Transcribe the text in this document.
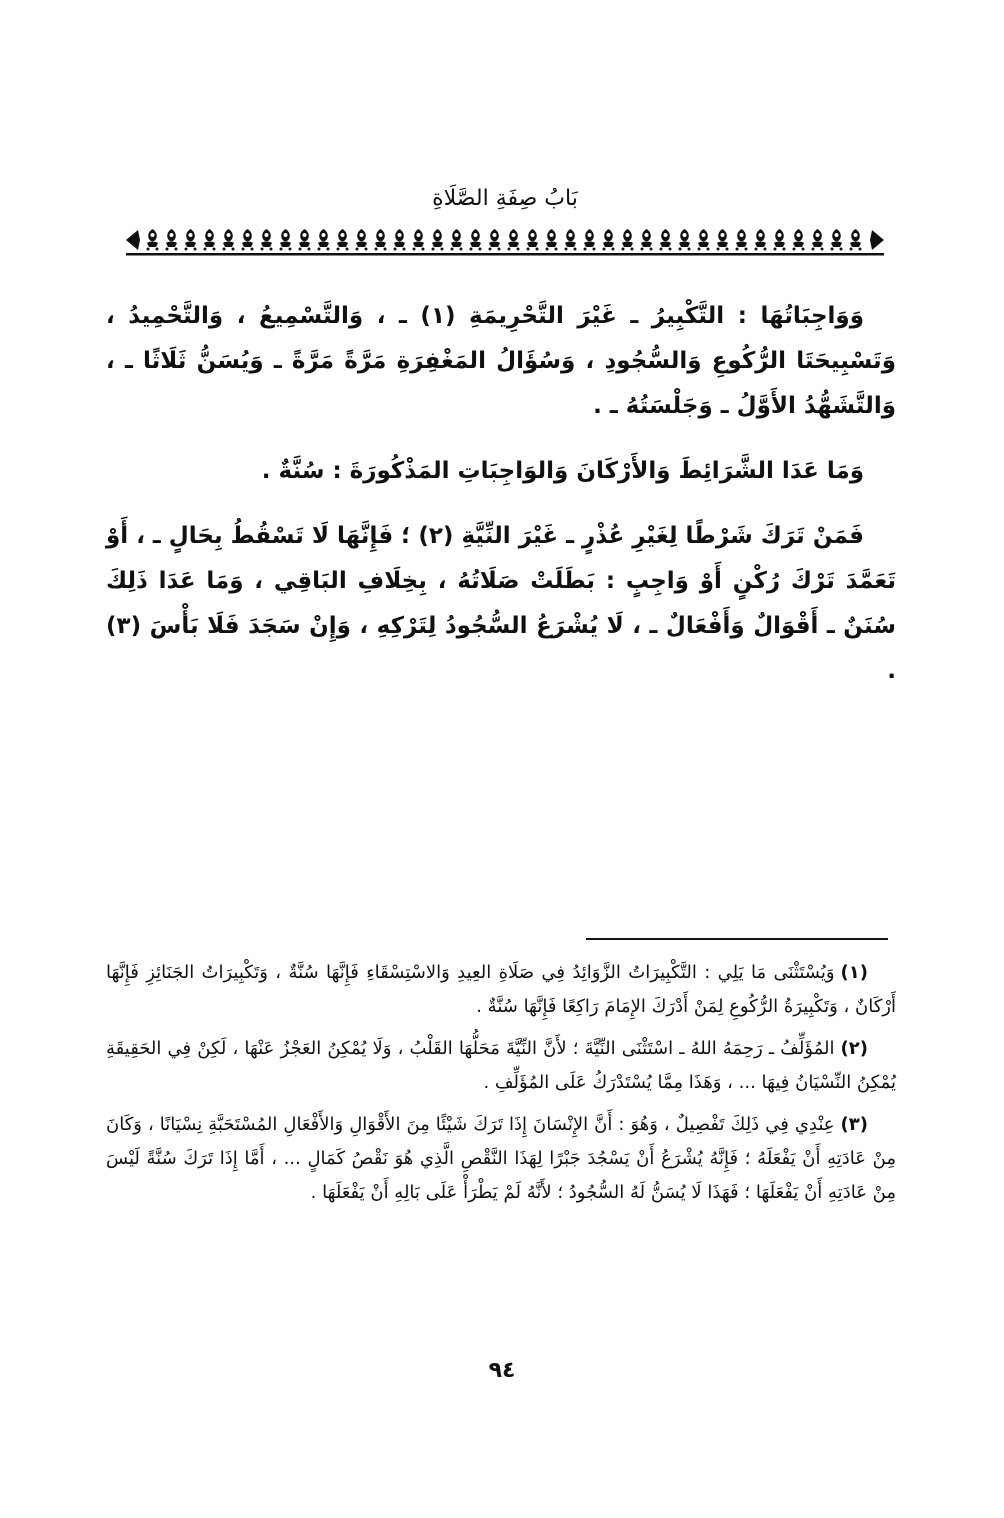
بَابُ صِفَةِ الصَّلَاةِ

وَوَاجِبَاتُهَا : التَّكْبِيرُ ـ غَيْرَ التَّحْرِيمَةِ (١) ـ ، وَالتَّسْمِيعُ ، وَالتَّحْمِيدُ ، وَتَسْبِيحَتَا الرُّكُوعِ وَالسُّجُودِ ، وَسُؤَالُ المَغْفِرَةِ مَرَّةً مَرَّةً ـ وَيُسَنُّ ثَلَاثًا ـ ، وَالتَّشَهُّدُ الأَوَّلُ ـ وَجَلْسَتُهُ ـ .

وَمَا عَدَا الشَّرَائِطَ وَالأَرْكَانَ وَالوَاجِبَاتِ المَذْكُورَةَ : سُنَّةٌ .

فَمَنْ تَرَكَ شَرْطًا لِغَيْرِ عُذْرٍ ـ غَيْرَ النِّيَّةِ (٢) ؛ فَإِنَّهَا لَا تَسْقُطُ بِحَالٍ ـ ، أَوْ تَعَمَّدَ تَرْكَ رُكْنٍ أَوْ وَاجِبٍ : بَطَلَتْ صَلَاتُهُ ، بِخِلَافِ البَاقِي ، وَمَا عَدَا ذَلِكَ سُنَنٌ ـ أَقْوَالٌ وَأَفْعَالٌ ـ ، لَا يُشْرَعُ السُّجُودُ لِتَرْكِهِ ، وَإِنْ سَجَدَ فَلَا بَأْسَ (٣) .

(١)وَيُسْتَثْنَى مَا يَلِي : التَّكْبِيرَاتُ الزَّوَائِدُ فِي صَلَاةِ العِيدِ وَالاسْتِسْقَاءِ فَإِنَّهَا سُنَّةٌ ، وَتَكْبِيرَاتُ الجَنَائِزِ فَإِنَّهَا أَرْكَانٌ ، وَتَكْبِيرَةُ الرُّكُوعِ لِمَنْ أَدْرَكَ الإِمَامَ رَاكِعًا فَإِنَّهَا سُنَّةٌ .

(٢)المُؤَلِّفُ ـ رَحِمَهُ اللهُ ـ اسْتَثْنَى النِّيَّةَ ؛ لأَنَّ النِّيَّةَ مَحَلُّهَا القَلْبُ ، وَلَا يُمْكِنُ العَجْزُ عَنْهَا ، لَكِنْ فِي الحَقِيقَةِ يُمْكِنُ النِّسْيَانُ فِيهَا ... ، وَهَذَا مِمَّا يُسْتَدْرَكُ عَلَى المُؤَلِّفِ .

(٣)عِنْدِي فِي ذَلِكَ تَفْصِيلٌ ، وَهُوَ : أَنَّ الإِنْسَانَ إِذَا تَرَكَ شَيْئًا مِنَ الأَقْوَالِ وَالأَفْعَالِ المُسْتَحَبَّةِ نِسْيَانًا ، وَكَانَ مِنْ عَادَتِهِ أَنْ يَفْعَلَهُ ؛ فَإِنَّهُ يُشْرَعُ أَنْ يَسْجُدَ جَبْرًا لِهَذَا النَّقْصِ الَّذِي هُوَ نَقْصُ كَمَالٍ ... ، أَمَّا إِذَا تَرَكَ سُنَّةً لَيْسَ مِنْ عَادَتِهِ أَنْ يَفْعَلَهَا ؛ فَهَذَا لَا يُسَنُّ لَهُ السُّجُودُ ؛ لأَنَّهُ لَمْ يَطْرَأْ عَلَى بَالِهِ أَنْ يَفْعَلَهَا .

٩٤
